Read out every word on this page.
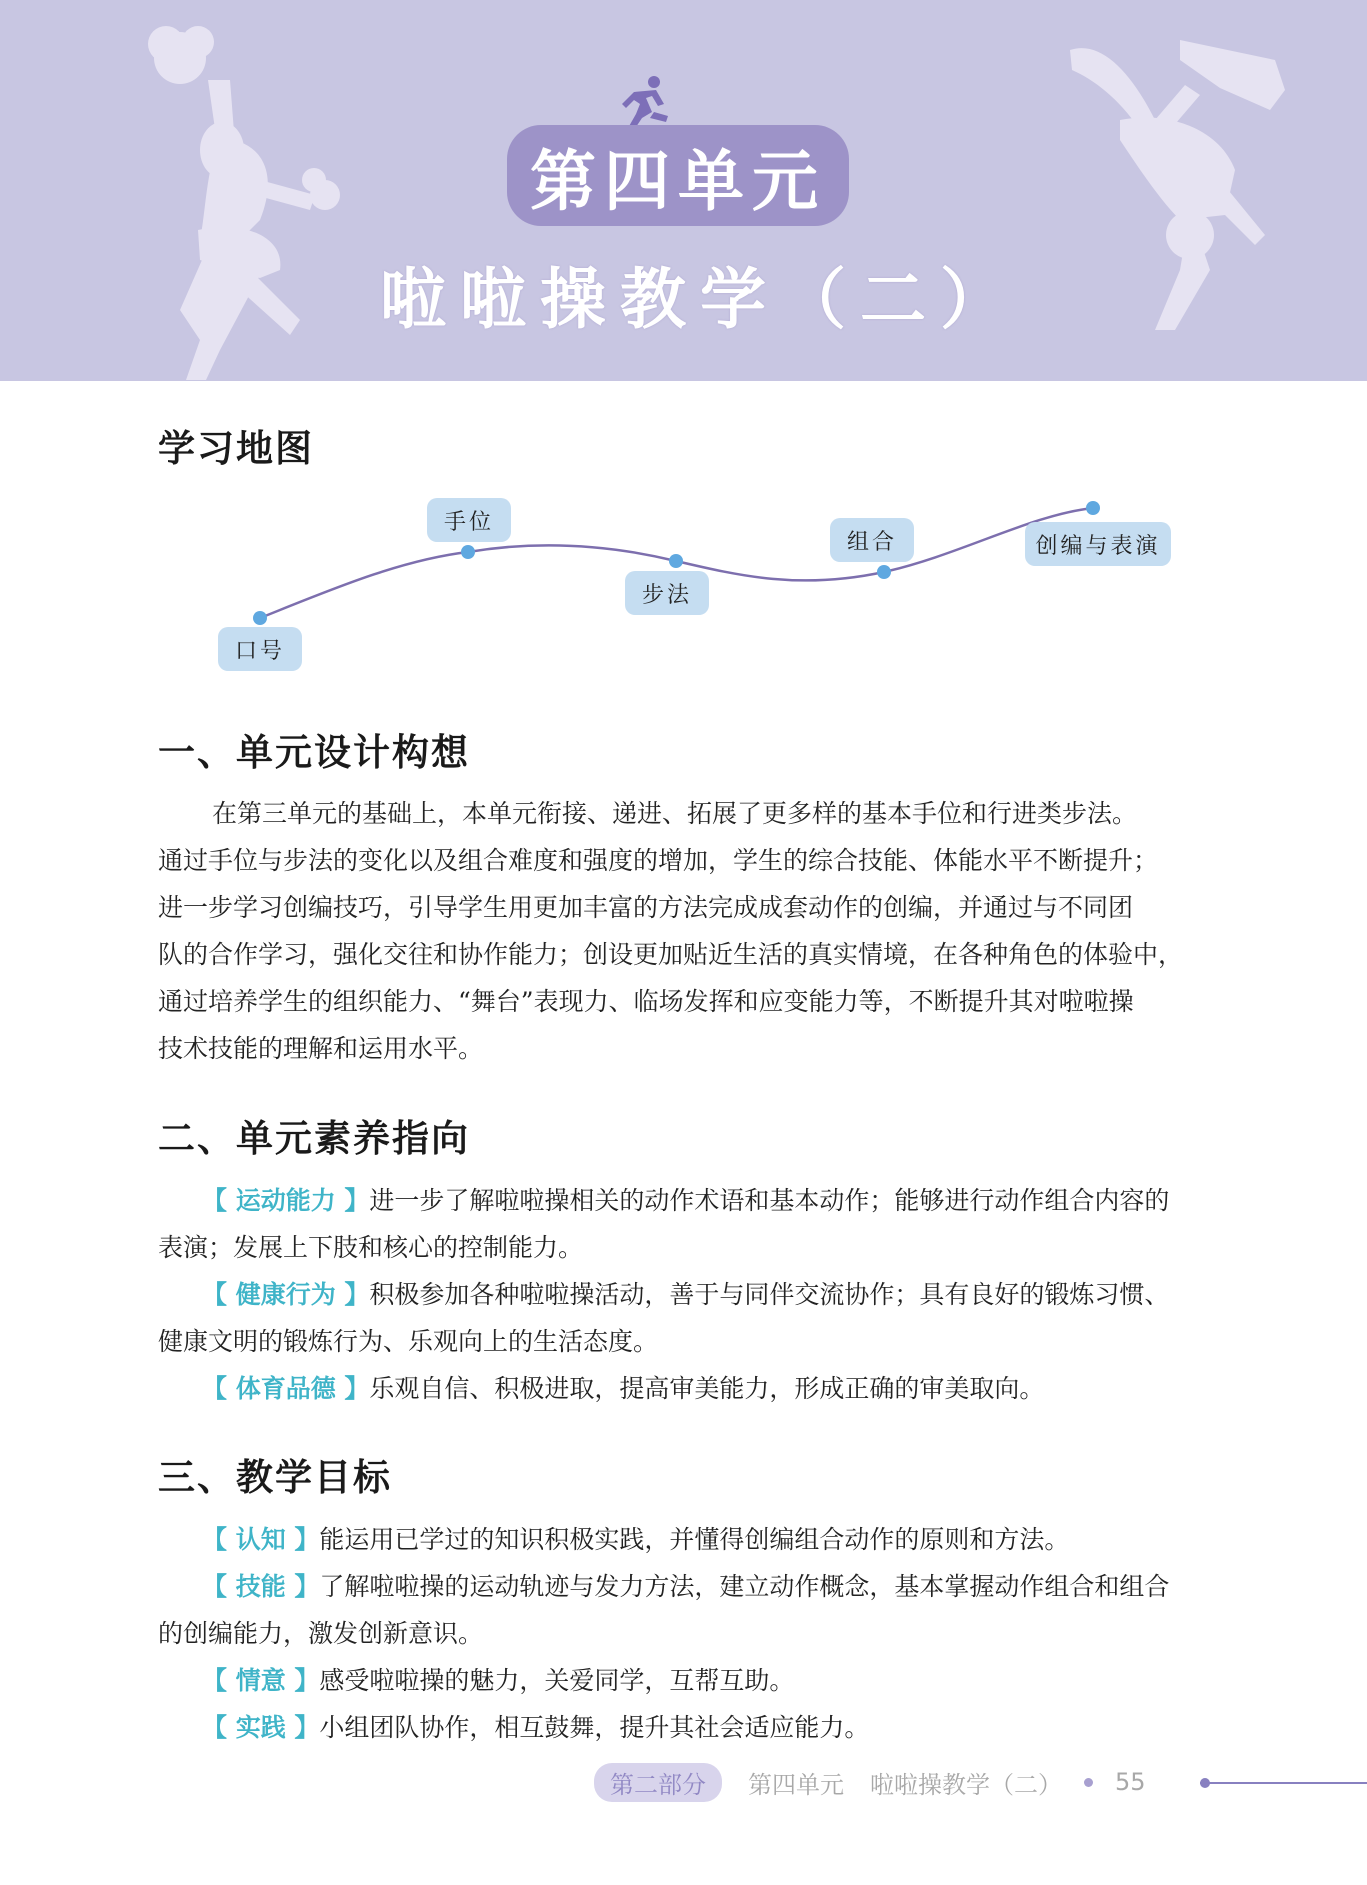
第四单元
啦啦操教学（二）
学习地图
口号
手位
步法
组合	创编与表演
一、单元设计构想
在第三单元的基础上，本单元衔接、递进、拓展了更多样的基本手位和行进类步法。
通过手位与步法的变化以及组合难度和强度的增加，学生的综合技能、体能水平不断提升；
进一步学习创编技巧，引导学生用更加丰富的方法完成成套动作的创编，并通过与不同团
队的合作学习，强化交往和协作能力；创设更加贴近生活的真实情境，在各种角色的体验中，
通过培养学生的组织能力、“舞台”表现力、临场发挥和应变能力等，不断提升其对啦啦操
技术技能的理解和运用水平。
二、单元素养指向
【 运动能力 】进一步了解啦啦操相关的动作术语和基本动作；能够进行动作组合内容的
表演；发展上下肢和核心的控制能力。
【 健康行为 】积极参加各种啦啦操活动，善于与同伴交流协作；具有良好的锻炼习惯、
健康文明的锻炼行为、乐观向上的生活态度。
【 体育品德 】乐观自信、积极进取，提高审美能力，形成正确的审美取向。
三、教学目标
【 认知 】能运用已学过的知识积极实践，并懂得创编组合动作的原则和方法。
【 技能 】了解啦啦操的运动轨迹与发力方法，建立动作概念，基本掌握动作组合和组合
的创编能力，激发创新意识。
【 情意 】感受啦啦操的魅力，关爱同学，互帮互助。
【 实践 】小组团队协作，相互鼓舞，提升其社会适应能力。
第二部分	第四单元 啦啦操教学（二） 55
